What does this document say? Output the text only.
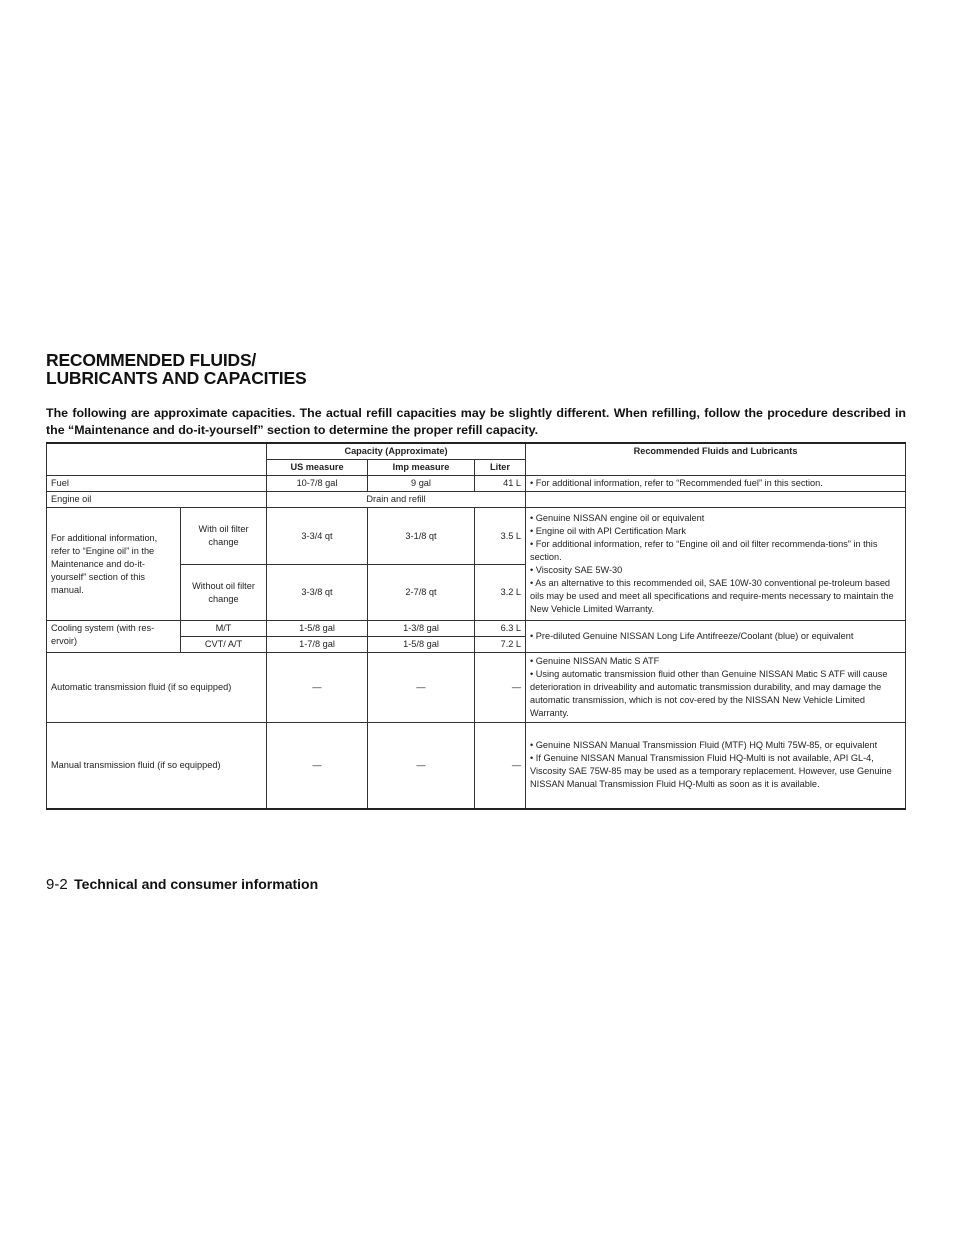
RECOMMENDED FLUIDS/
LUBRICANTS AND CAPACITIES
The following are approximate capacities. The actual refill capacities may be slightly different. When refilling, follow the procedure described in the “Maintenance and do-it-yourself” section to determine the proper refill capacity.
		Capacity (Approximate)			Recommended Fluids and Lubricants
		US measure	Imp measure	Liter	
Fuel		10-7/8 gal	9 gal	41 L	• For additional information, refer to “Recommended fuel” in this section.
Engine oil		Drain and refill			
For additional information, refer to “Engine oil” in the Maintenance and do-it-yourself” section of this manual.	With oil filter change	3-3/4 qt	3-1/8 qt	3.5 L	• Genuine NISSAN engine oil or equivalent
• Engine oil with API Certification Mark
• For additional information, refer to “Engine oil and oil filter recommenda-tions” in this section.
• Viscosity SAE 5W-30
• As an alternative to this recommended oil, SAE 10W-30 conventional pe-troleum based oils may be used and meet all specifications and require-ments necessary to maintain the New Vehicle Limited Warranty.

	Without oil filter change	3-3/8 qt	2-7/8 qt	3.2 L	
Cooling system (with res-ervoir)	M/T	1-5/8 gal	1-3/8 gal	6.3 L	• Pre-diluted Genuine NISSAN Long Life Antifreeze/Coolant (blue) or equivalent
	CVT/ A/T	1-7/8 gal	1-5/8 gal	7.2 L	
Automatic transmission fluid (if so equipped)		—	—	—	• Genuine NISSAN Matic S ATF
• Using automatic transmission fluid other than Genuine NISSAN Matic S ATF will cause deterioration in driveability and automatic transmission durability, and may damage the automatic transmission, which is not cov-ered by the NISSAN New Vehicle Limited Warranty.

Manual transmission fluid (if so equipped)		—	—	—	• Genuine NISSAN Manual Transmission Fluid (MTF) HQ Multi 75W-85, or equivalent
• If Genuine NISSAN Manual Transmission Fluid HQ-Multi is not available, API GL-4, Viscosity SAE 75W-85 may be used as a temporary replacement. However, use Genuine NISSAN Manual Transmission Fluid HQ-Multi as soon as it is available.
9-2 Technical and consumer information
